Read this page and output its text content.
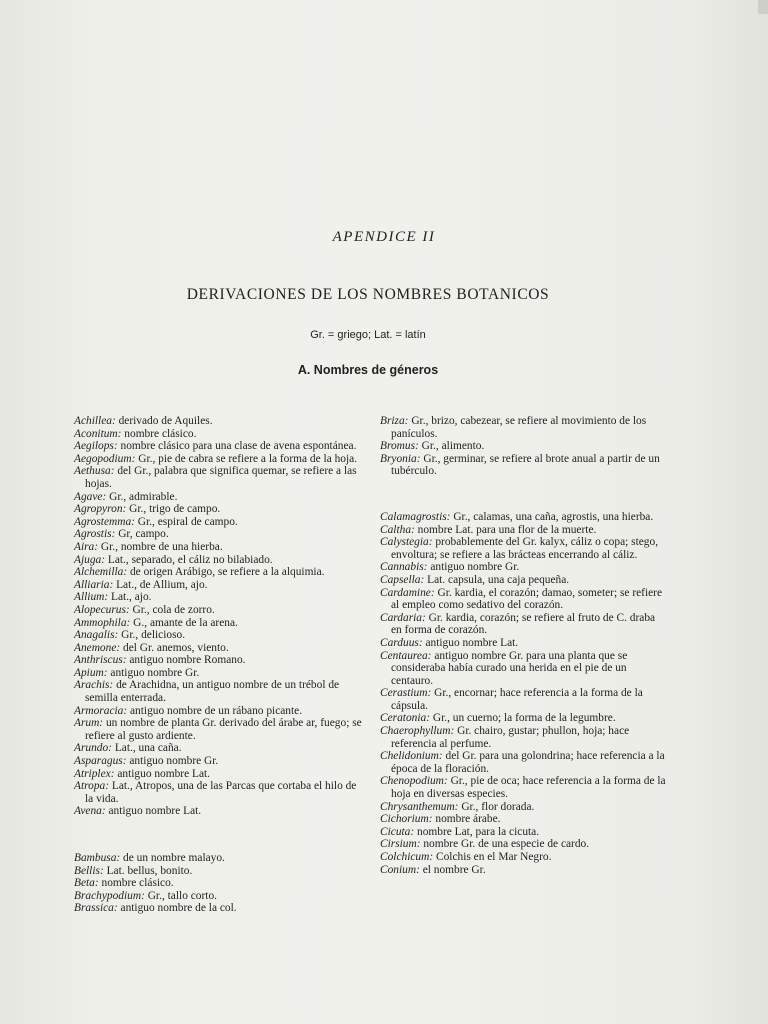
APENDICE II
DERIVACIONES DE LOS NOMBRES BOTANICOS
Gr. = griego; Lat. = latín
A. Nombres de géneros

Achillea: derivado de Aquiles.

Aconitum: nombre clásico.

Aegilops: nombre clásico para una clase de avena espontánea.

Aegopodium: Gr., pie de cabra se refiere a la forma de la hoja.

Aethusa: del Gr., palabra que significa quemar, se refiere a las hojas.

Agave: Gr., admirable.

Agropyron: Gr., trigo de campo.

Agrostemma: Gr., espiral de campo.

Agrostis: Gr, campo.

Aira: Gr., nombre de una hierba.

Ajuga: Lat., separado, el cáliz no bilabiado.

Alchemilla: de origen Arábigo, se refiere a la alquimia.

Alliaria: Lat., de Allium, ajo.

Allium: Lat., ajo.

Alopecurus: Gr., cola de zorro.

Ammophila: G., amante de la arena.

Anagalis: Gr., delicioso.

Anemone: del Gr. anemos, viento.

Anthriscus: antiguo nombre Romano.

Apium: antiguo nombre Gr.

Arachis: de Arachidna, un antiguo nombre de un trébol de semilla enterrada.

Armoracia: antiguo nombre de un rábano picante.

Arum: un nombre de planta Gr. derivado del árabe ar, fuego; se refiere al gusto ardiente.

Arundo: Lat., una caña.

Asparagus: antiguo nombre Gr.

Atriplex: antiguo nombre Lat.

Atropa: Lat., Atropos, una de las Parcas que cortaba el hilo de la vida.

Avena: antiguo nombre Lat.

Bambusa: de un nombre malayo.

Bellis: Lat. bellus, bonito.

Beta: nombre clásico.

Brachypodium: Gr., tallo corto.

Brassica: antiguo nombre de la col.

Briza: Gr., brizo, cabezear, se refiere al movimiento de los panículos.

Bromus: Gr., alimento.

Bryonia: Gr., germinar, se refiere al brote anual a partir de un tubérculo.

Calamagrostis: Gr., calamas, una caña, agrostis, una hierba.

Caltha: nombre Lat. para una flor de la muerte.

Calystegia: probablemente del Gr. kalyx, cáliz o copa; stego, envoltura; se refiere a las brácteas encerrando al cáliz.

Cannabis: antiguo nombre Gr.

Capsella: Lat. capsula, una caja pequeña.

Cardamine: Gr. kardia, el corazón; damao, someter; se refiere al empleo como sedativo del corazón.

Cardaria: Gr. kardia, corazón; se refiere al fruto de C. draba en forma de corazón.

Carduus: antiguo nombre Lat.

Centaurea: antiguo nombre Gr. para una planta que se consideraba había curado una herida en el pie de un centauro.

Cerastium: Gr., encornar; hace referencia a la forma de la cápsula.

Ceratonia: Gr., un cuerno; la forma de la legumbre.

Chaerophyllum: Gr. chairo, gustar; phullon, hoja; hace referencia al perfume.

Chelidonium: del Gr. para una golondrina; hace referencia a la época de la floración.

Chenopodium: Gr., pie de oca; hace referencia a la forma de la hoja en diversas especies.

Chrysanthemum: Gr., flor dorada.

Cichorium: nombre árabe.

Cicuta: nombre Lat, para la cicuta.

Cirsium: nombre Gr. de una especie de cardo.

Colchicum: Colchis en el Mar Negro.

Conium: el nombre Gr.
